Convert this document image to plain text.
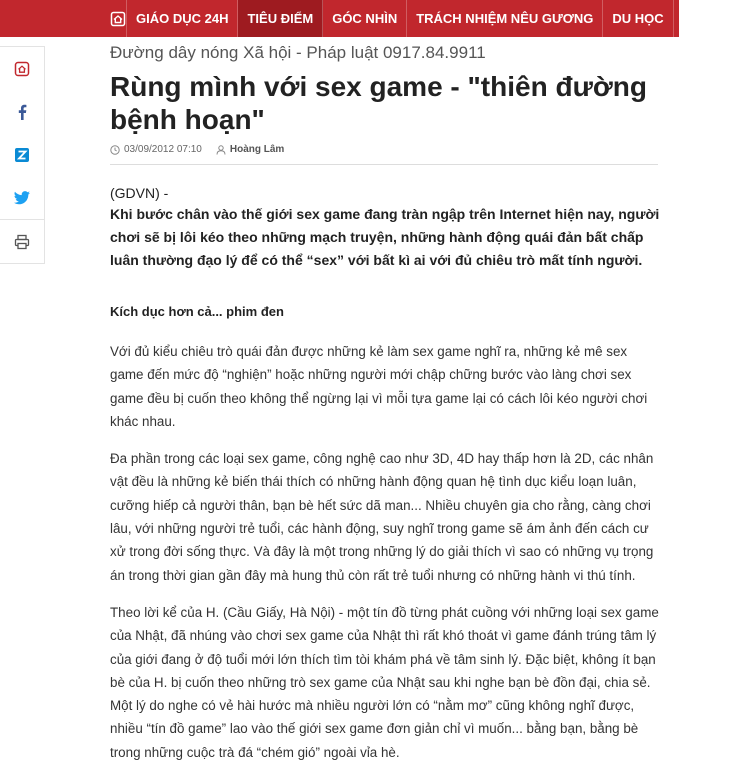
GIÁO DỤC 24H	TIÊU ĐIỂM	GÓC NHÌN	TRÁCH NHIỆM NÊU GƯƠNG	DU HỌC	SỨC KHO
Đường dây nóng Xã hội - Pháp luật 0917.84.9911
Rùng mình với sex game - "thiên đường bệnh hoạn"
03/09/2012 07:10	Hoàng Lâm
(GDVN) -

Khi bước chân vào thế giới sex game đang tràn ngập trên Internet hiện nay, người chơi sẽ bị lôi kéo theo những mạch truyện, những hành động quái đản bất chấp luân thường đạo lý để có thể “sex” với bất kì ai với đủ chiêu trò mất tính người.

Kích dục hơn cả... phim đen

Với đủ kiểu chiêu trò quái đản được những kẻ làm sex game nghĩ ra, những kẻ mê sex game đến mức độ “nghiện” hoặc những người mới chập chững bước vào làng chơi sex game đều bị cuốn theo không thể ngừng lại vì mỗi tựa game lại có cách lôi kéo người chơi khác nhau.

Đa phần trong các loại sex game, công nghệ cao như 3D, 4D hay thấp hơn là 2D, các nhân vật đều là những kẻ biến thái thích có những hành động quan hệ tình dục kiểu loạn luân, cưỡng hiếp cả người thân, bạn bè hết sức dã man... Nhiều chuyên gia cho rằng, càng chơi lâu, với những người trẻ tuổi, các hành động, suy nghĩ trong game sẽ ám ảnh đến cách cư xử trong đời sống thực. Và đây là một trong những lý do giải thích vì sao có những vụ trọng án trong thời gian gần đây mà hung thủ còn rất trẻ tuổi nhưng có những hành vi thú tính.

Theo lời kể của H. (Cầu Giấy, Hà Nội) - một tín đồ từng phát cuồng với những loại sex game của Nhật, đã nhúng vào chơi sex game của Nhật thì rất khó thoát vì game đánh trúng tâm lý của giới đang ở độ tuổi mới lớn thích tìm tòi khám phá về tâm sinh lý. Đặc biệt, không ít bạn bè của H. bị cuốn theo những trò sex game của Nhật sau khi nghe bạn bè đồn đại, chia sẻ. Một lý do nghe có vẻ hài hước mà nhiều người lớn có “nằm mơ” cũng không nghĩ được, nhiều “tín đồ game” lao vào thế giới sex game đơn giản chỉ vì muốn... bằng bạn, bằng bè trong những cuộc trà đá “chém gió” ngoài vỉa hè.
